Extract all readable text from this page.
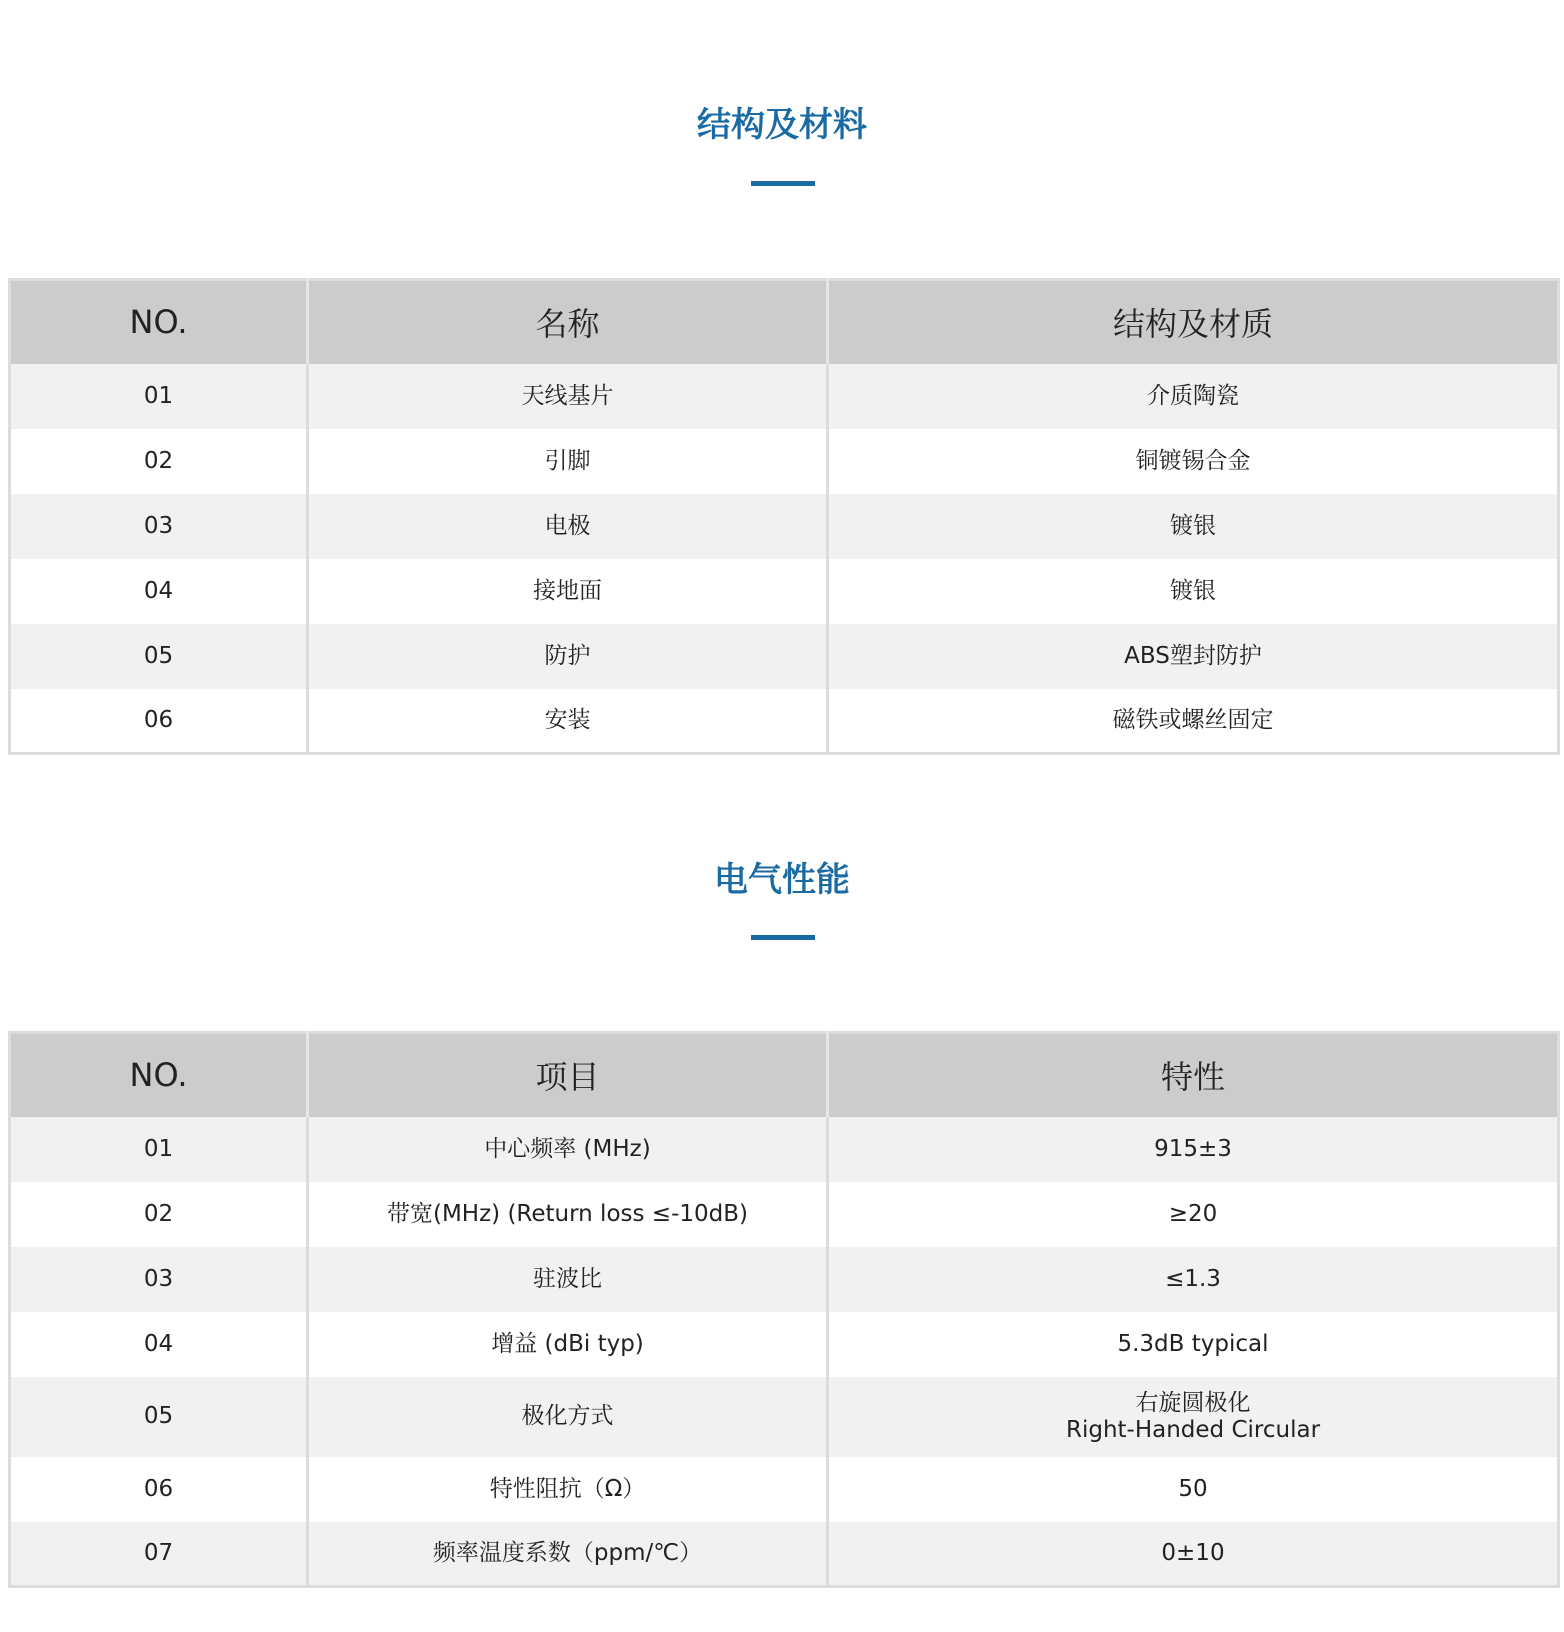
结构及材料
NO.	名称	结构及材质
01	天线基片	介质陶瓷
02	引脚	铜镀锡合金
03	电极	镀银
04	接地面	镀银
05	防护	ABS塑封防护
06	安装	磁铁或螺丝固定
电气性能
NO.	项目	特性
01	中心频率 (MHz)	915±3
02	带宽(MHz) (Return loss ≤-10dB)	≥20
03	驻波比	≤1.3
04	增益 (dBi typ)	5.3dB typical
05	极化方式	右旋圆极化
Right-Handed Circular

06	特性阻抗（Ω）	50
07	频率温度系数（ppm/℃）	0±10
